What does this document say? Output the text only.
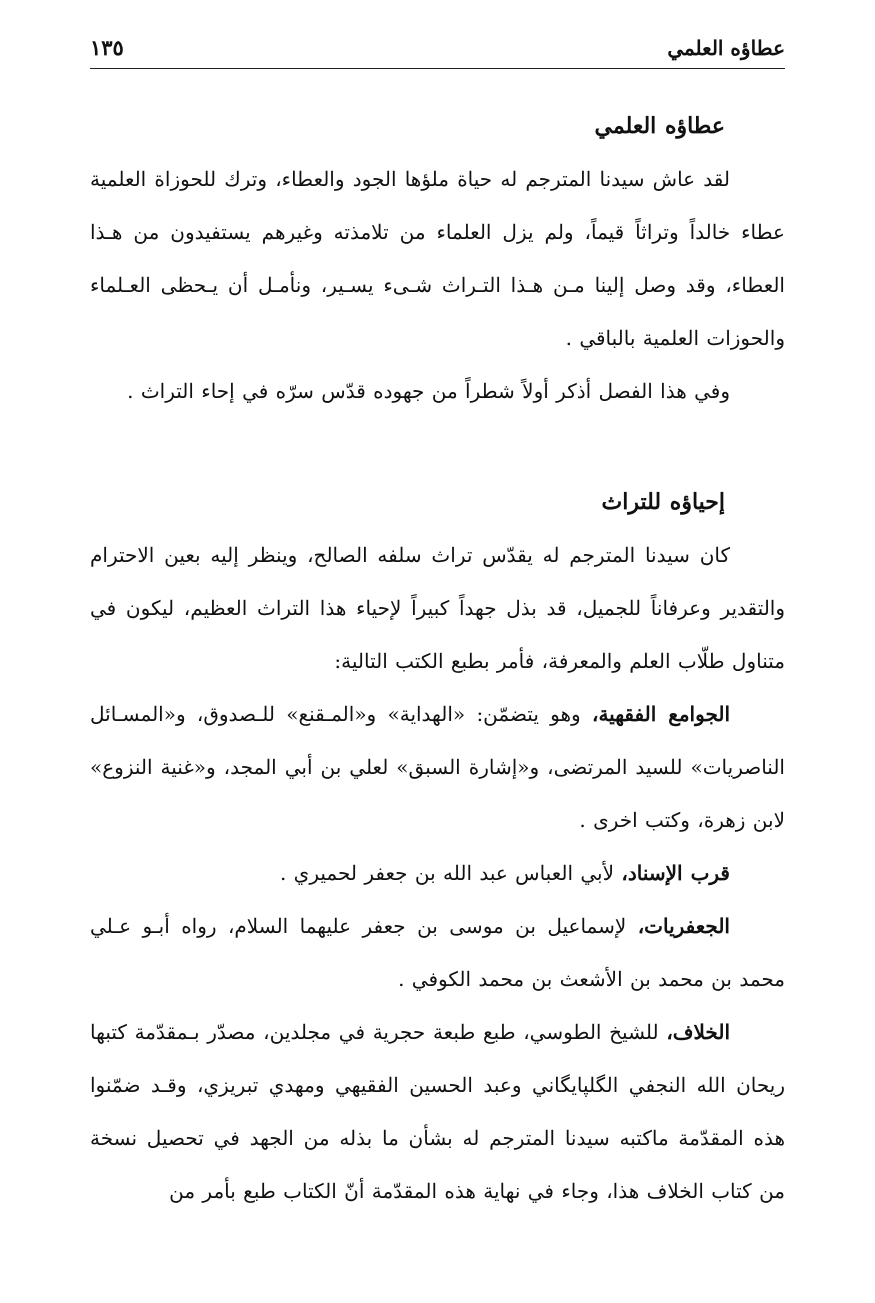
عطاؤه العلمي
١٣٥
عطاؤه العلمي

لقد عاش سيدنا المترجم له حياة ملؤها الجود والعطاء، وترك للحوزاة العلمية عطاء خالداً وتراثاً قيماً، ولم يزل العلماء من تلامذته وغيرهم يستفيدون من هـذا العطاء، وقد وصل إلينا مـن هـذا التـراث شـىء يسـير، ونأمـل أن يـحظى العـلماء والحوزات العلمية بالباقي .

وفي هذا الفصل أذكر أولاً شطراً من جهوده قدّس سرّه في إحاء التراث .

إحياؤه للتراث

كان سيدنا المترجم له يقدّس تراث سلفه الصالح، وينظر إليه بعين الاحترام والتقدير وعرفاناً للجميل، قد بذل جهداً كبيراً لإحياء هذا التراث العظيم، ليكون في متناول طلّاب العلم والمعرفة، فأمر بطبع الكتب التالية:

الجوامع الفقهية، وهو يتضمّن: «الهداية» و«المـقنع» للـصدوق، و«المسـائل الناصريات» للسيد المرتضى، و«إشارة السبق» لعلي بن أبي المجد، و«غنية النزوع» لابن زهرة، وكتب اخرى .

قرب الإسناد، لأبي العباس عبد الله بن جعفر لحميري .

الجعفريات، لإسماعيل بن موسى بن جعفر عليهما السلام، رواه أبـو عـلي محمد بن محمد بن الأشعث بن محمد الكوفي .

الخلاف، للشيخ الطوسي، طبع طبعة حجرية في مجلدين، مصدّر بـمقدّمة كتبها ريحان الله النجفي الگلپايگاني وعبد الحسين الفقيهي ومهدي تبريزي، وقـد ضمّنوا هذه المقدّمة ماكتبه سيدنا المترجم له بشأن ما بذله من الجهد في تحصيل نسخة من كتاب الخلاف هذا، وجاء في نهاية هذه المقدّمة أنّ الكتاب طبع بأمر من
